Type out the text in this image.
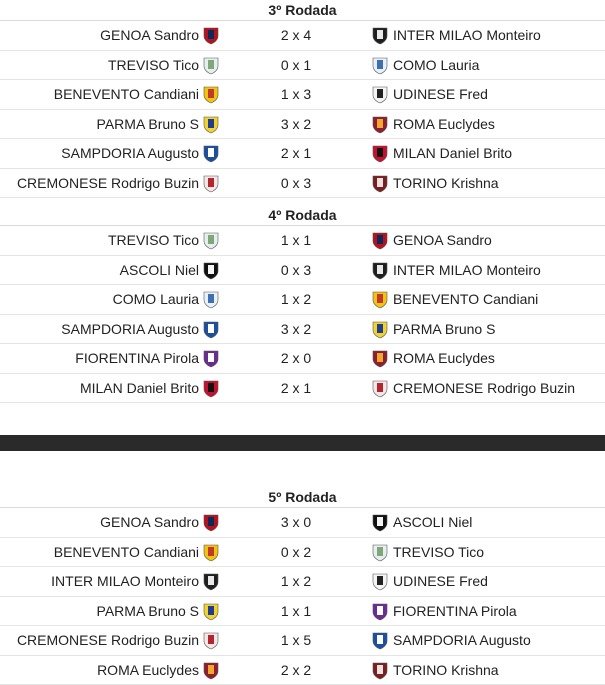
3º Rodada
GENOA Sandro	2 x 4	INTER MILAO Monteiro
TREVISO Tico	0 x 1	COMO Lauria
BENEVENTO Candiani	1 x 3	UDINESE Fred
PARMA Bruno S	3 x 2	ROMA Euclydes
SAMPDORIA Augusto	2 x 1	MILAN Daniel Brito
CREMONESE Rodrigo Buzin	0 x 3	TORINO Krishna
4º Rodada
TREVISO Tico	1 x 1	GENOA Sandro
ASCOLI Niel	0 x 3	INTER MILAO Monteiro
COMO Lauria	1 x 2	BENEVENTO Candiani
SAMPDORIA Augusto	3 x 2	PARMA Bruno S
FIORENTINA Pirola	2 x 0	ROMA Euclydes
MILAN Daniel Brito	2 x 1	CREMONESE Rodrigo Buzin
5º Rodada
GENOA Sandro	3 x 0	ASCOLI Niel
BENEVENTO Candiani	0 x 2	TREVISO Tico
INTER MILAO Monteiro	1 x 2	UDINESE Fred
PARMA Bruno S	1 x 1	FIORENTINA Pirola
CREMONESE Rodrigo Buzin	1 x 5	SAMPDORIA Augusto
ROMA Euclydes	2 x 2	TORINO Krishna
